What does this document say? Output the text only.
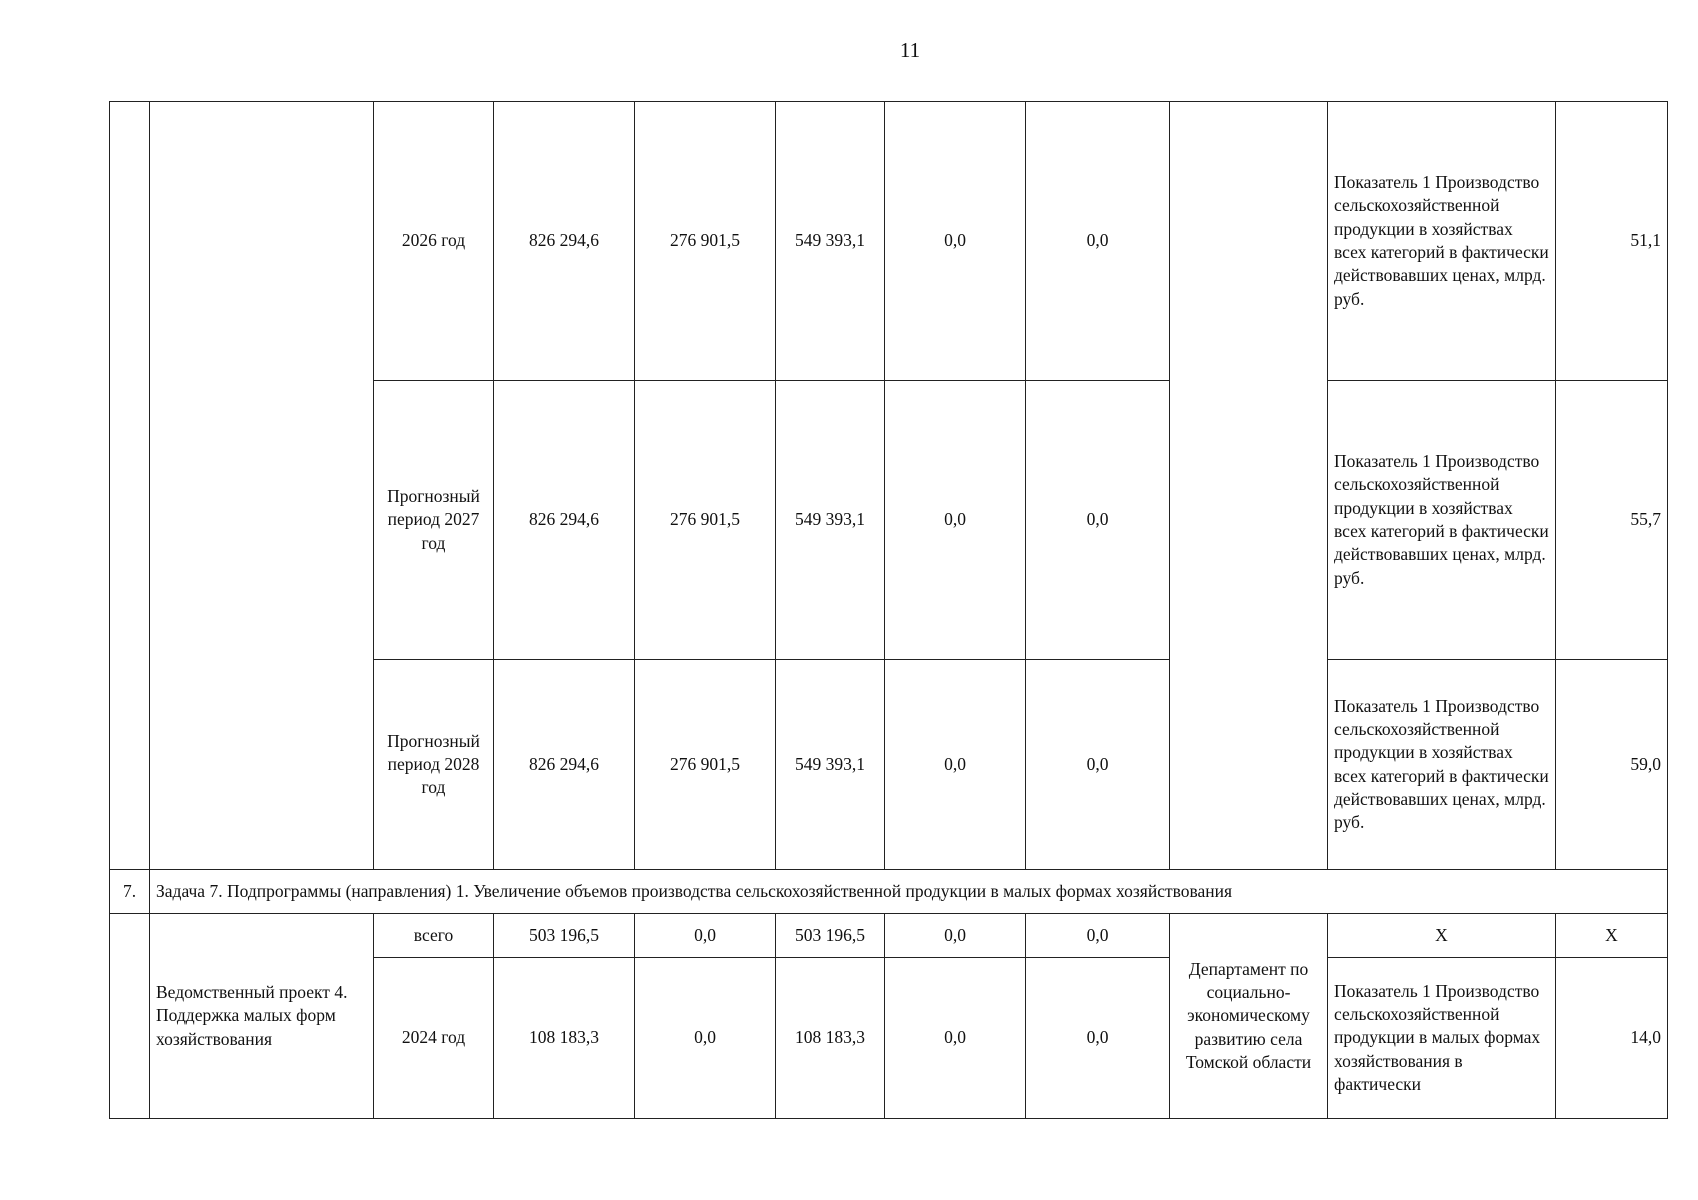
11
		2026 год	826 294,6	276 901,5	549 393,1	0,0	0,0		Показатель 1 Производство сельскохозяйственной продукции в хозяйствах всех категорий в фактически действовавших ценах, млрд. руб.	51,1
		Прогнозный период 2027 год	826 294,6	276 901,5	549 393,1	0,0	0,0		Показатель 1 Производство сельскохозяйственной продукции в хозяйствах всех категорий в фактически действовавших ценах, млрд. руб.	55,7
		Прогнозный период 2028 год	826 294,6	276 901,5	549 393,1	0,0	0,0		Показатель 1 Производство сельскохозяйственной продукции в хозяйствах всех категорий в фактически действовавших ценах, млрд. руб.	59,0
7.	Задача 7. Подпрограммы (направления) 1. Увеличение объемов производства сельскохозяйственной продукции в малых формах хозяйствования									
	Ведомственный проект 4. Поддержка малых форм хозяйствования	всего	503 196,5	0,0	503 196,5	0,0	0,0	Департамент по социально-экономическому развитию села Томской области	X	X
		2024 год	108 183,3	0,0	108 183,3	0,0	0,0		Показатель 1 Производство сельскохозяйственной продукции в малых формах хозяйствования в фактически	14,0
